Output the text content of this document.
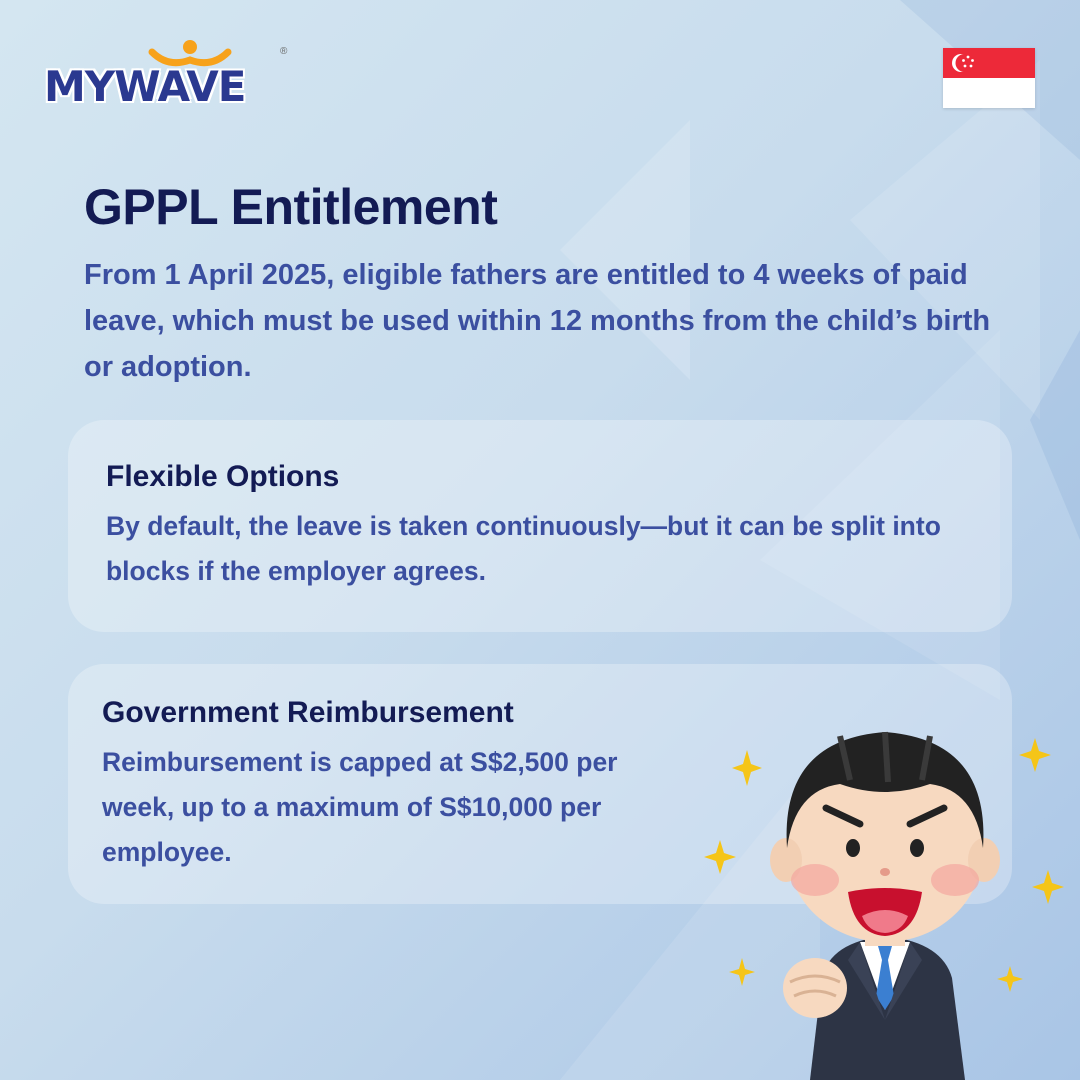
MYWAVE
®
GPPL Entitlement

From 1 April 2025, eligible fathers are entitled to 4 weeks of paid leave, which must be used within 12 months from the child’s birth or adoption.

Flexible Options

By default, the leave is taken continuously—but it can be split into blocks if the employer agrees.

Government Reimbursement

Reimbursement is capped at S$2,500 per week, up to a maximum of S$10,000 per employee.
